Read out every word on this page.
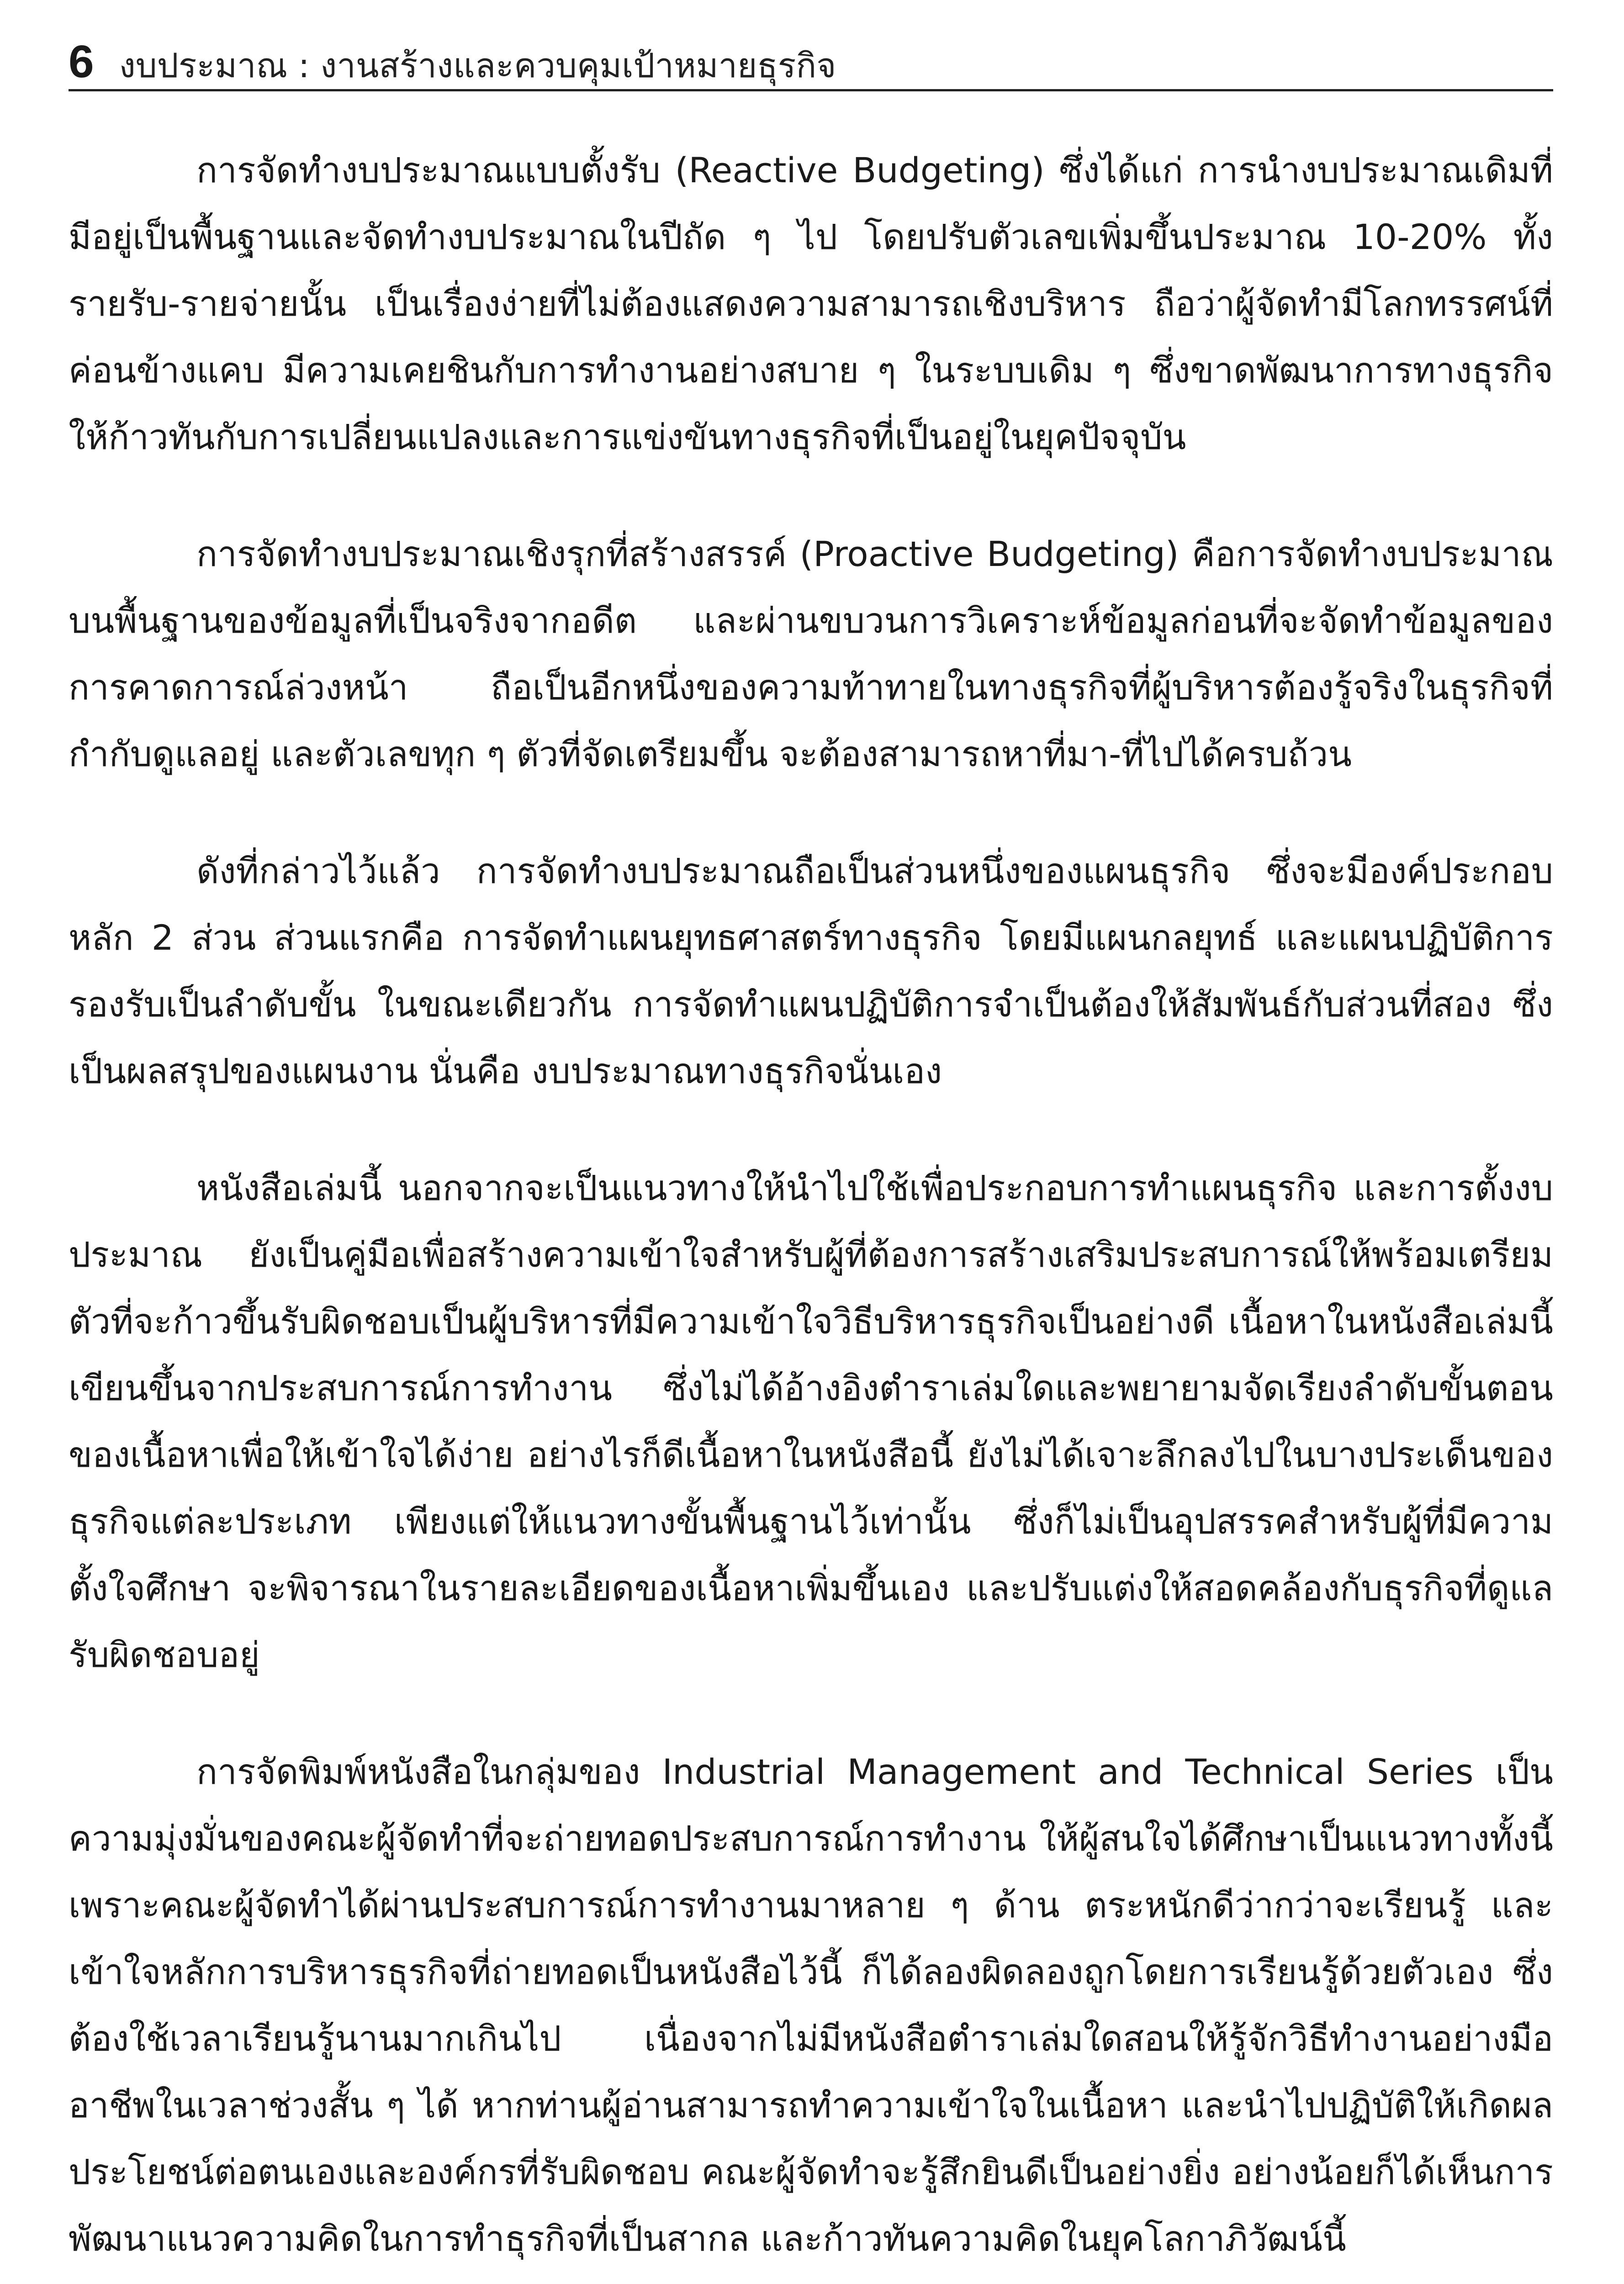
6 งบประมาณ : งานสร้างและควบคุมเป้าหมายธุรกิจ

การจัดทำงบประมาณแบบตั้งรับ (Reactive Budgeting) ซึ่งได้แก่ การนำงบประมาณเดิมที่มีอยู่เป็นพื้นฐานและจัดทำงบประมาณในปีถัด ๆ ไป โดยปรับตัวเลขเพิ่มขึ้นประมาณ 10-20% ทั้งรายรับ-รายจ่ายนั้น เป็นเรื่องง่ายที่ไม่ต้องแสดงความสามารถเชิงบริหาร ถือว่าผู้จัดทำมีโลกทรรศน์ที่ค่อนข้างแคบ มีความเคยชินกับการทำงานอย่างสบาย ๆ ในระบบเดิม ๆ ซึ่งขาดพัฒนาการทางธุรกิจให้ก้าวทันกับการเปลี่ยนแปลงและการแข่งขันทางธุรกิจที่เป็นอยู่ในยุคปัจจุบัน

การจัดทำงบประมาณเชิงรุกที่สร้างสรรค์ (Proactive Budgeting) คือการจัดทำงบประมาณบนพื้นฐานของข้อมูลที่เป็นจริงจากอดีต และผ่านขบวนการวิเคราะห์ข้อมูลก่อนที่จะจัดทำข้อมูลของการคาดการณ์ล่วงหน้า ถือเป็นอีกหนึ่งของความท้าทายในทางธุรกิจที่ผู้บริหารต้องรู้จริงในธุรกิจที่กำกับดูแลอยู่ และตัวเลขทุก ๆ ตัวที่จัดเตรียมขึ้น จะต้องสามารถหาที่มา-ที่ไปได้ครบถ้วน

ดังที่กล่าวไว้แล้ว การจัดทำงบประมาณถือเป็นส่วนหนึ่งของแผนธุรกิจ ซึ่งจะมีองค์ประกอบหลัก 2 ส่วน ส่วนแรกคือ การจัดทำแผนยุทธศาสตร์ทางธุรกิจ โดยมีแผนกลยุทธ์ และแผนปฏิบัติการรองรับเป็นลำดับขั้น ในขณะเดียวกัน การจัดทำแผนปฏิบัติการจำเป็นต้องให้สัมพันธ์กับส่วนที่สอง ซึ่งเป็นผลสรุปของแผนงาน นั่นคือ งบประมาณทางธุรกิจนั่นเอง

หนังสือเล่มนี้ นอกจากจะเป็นแนวทางให้นำไปใช้เพื่อประกอบการทำแผนธุรกิจ และการตั้งงบประมาณ ยังเป็นคู่มือเพื่อสร้างความเข้าใจสำหรับผู้ที่ต้องการสร้างเสริมประสบการณ์ให้พร้อมเตรียมตัวที่จะก้าวขึ้นรับผิดชอบเป็นผู้บริหารที่มีความเข้าใจวิธีบริหารธุรกิจเป็นอย่างดี เนื้อหาในหนังสือเล่มนี้เขียนขึ้นจากประสบการณ์การทำงาน ซึ่งไม่ได้อ้างอิงตำราเล่มใดและพยายามจัดเรียงลำดับขั้นตอนของเนื้อหาเพื่อให้เข้าใจได้ง่าย อย่างไรก็ดีเนื้อหาในหนังสือนี้ ยังไม่ได้เจาะลึกลงไปในบางประเด็นของธุรกิจแต่ละประเภท เพียงแต่ให้แนวทางขั้นพื้นฐานไว้เท่านั้น ซึ่งก็ไม่เป็นอุปสรรคสำหรับผู้ที่มีความตั้งใจศึกษา จะพิจารณาในรายละเอียดของเนื้อหาเพิ่มขึ้นเอง และปรับแต่งให้สอดคล้องกับธุรกิจที่ดูแลรับผิดชอบอยู่

การจัดพิมพ์หนังสือในกลุ่มของ Industrial Management and Technical Series เป็นความมุ่งมั่นของคณะผู้จัดทำที่จะถ่ายทอดประสบการณ์การทำงาน ให้ผู้สนใจได้ศึกษาเป็นแนวทางทั้งนี้เพราะคณะผู้จัดทำได้ผ่านประสบการณ์การทำงานมาหลาย ๆ ด้าน ตระหนักดีว่ากว่าจะเรียนรู้ และเข้าใจหลักการบริหารธุรกิจที่ถ่ายทอดเป็นหนังสือไว้นี้ ก็ได้ลองผิดลองถูกโดยการเรียนรู้ด้วยตัวเอง ซึ่งต้องใช้เวลาเรียนรู้นานมากเกินไป เนื่องจากไม่มีหนังสือตำราเล่มใดสอนให้รู้จักวิธีทำงานอย่างมืออาชีพในเวลาช่วงสั้น ๆ ได้ หากท่านผู้อ่านสามารถทำความเข้าใจในเนื้อหา และนำไปปฏิบัติให้เกิดผลประโยชน์ต่อตนเองและองค์กรที่รับผิดชอบ คณะผู้จัดทำจะรู้สึกยินดีเป็นอย่างยิ่ง อย่างน้อยก็ได้เห็นการพัฒนาแนวความคิดในการทำธุรกิจที่เป็นสากล และก้าวทันความคิดในยุคโลกาภิวัฒน์นี้
